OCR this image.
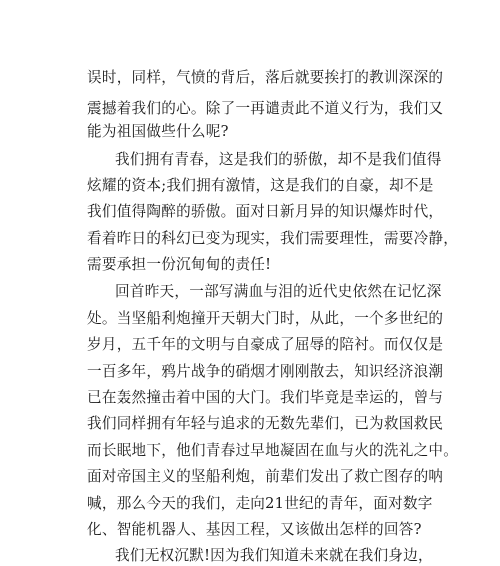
误时，同样，气愤的背后，落后就要挨打的教训深深的
震撼着我们的心。除了一再谴责此不道义行为，我们又
能为祖国做些什么呢?
我们拥有青春，这是我们的骄傲，却不是我们值得
炫耀的资本;我们拥有激情，这是我们的自豪，却不是
我们值得陶醉的骄傲。面对日新月异的知识爆炸时代，
看着昨日的科幻已变为现实，我们需要理性，需要冷静，
需要承担一份沉甸甸的责任!
回首昨天，一部写满血与泪的近代史依然在记忆深
处。当坚船利炮撞开天朝大门时，从此，一个多世纪的
岁月，五千年的文明与自豪成了屈辱的陪衬。而仅仅是
一百多年，鸦片战争的硝烟才刚刚散去，知识经济浪潮
已在轰然撞击着中国的大门。我们毕竟是幸运的，曾与
我们同样拥有年轻与追求的无数先辈们，已为救国救民
而长眠地下，他们青春过早地凝固在血与火的洗礼之中。
面对帝国主义的坚船利炮，前辈们发出了救亡图存的呐
喊，那么今天的我们，走向21世纪的青年，面对数字
化、智能机器人、基因工程，又该做出怎样的回答?
我们无权沉默!因为我们知道未来就在我们身边，
